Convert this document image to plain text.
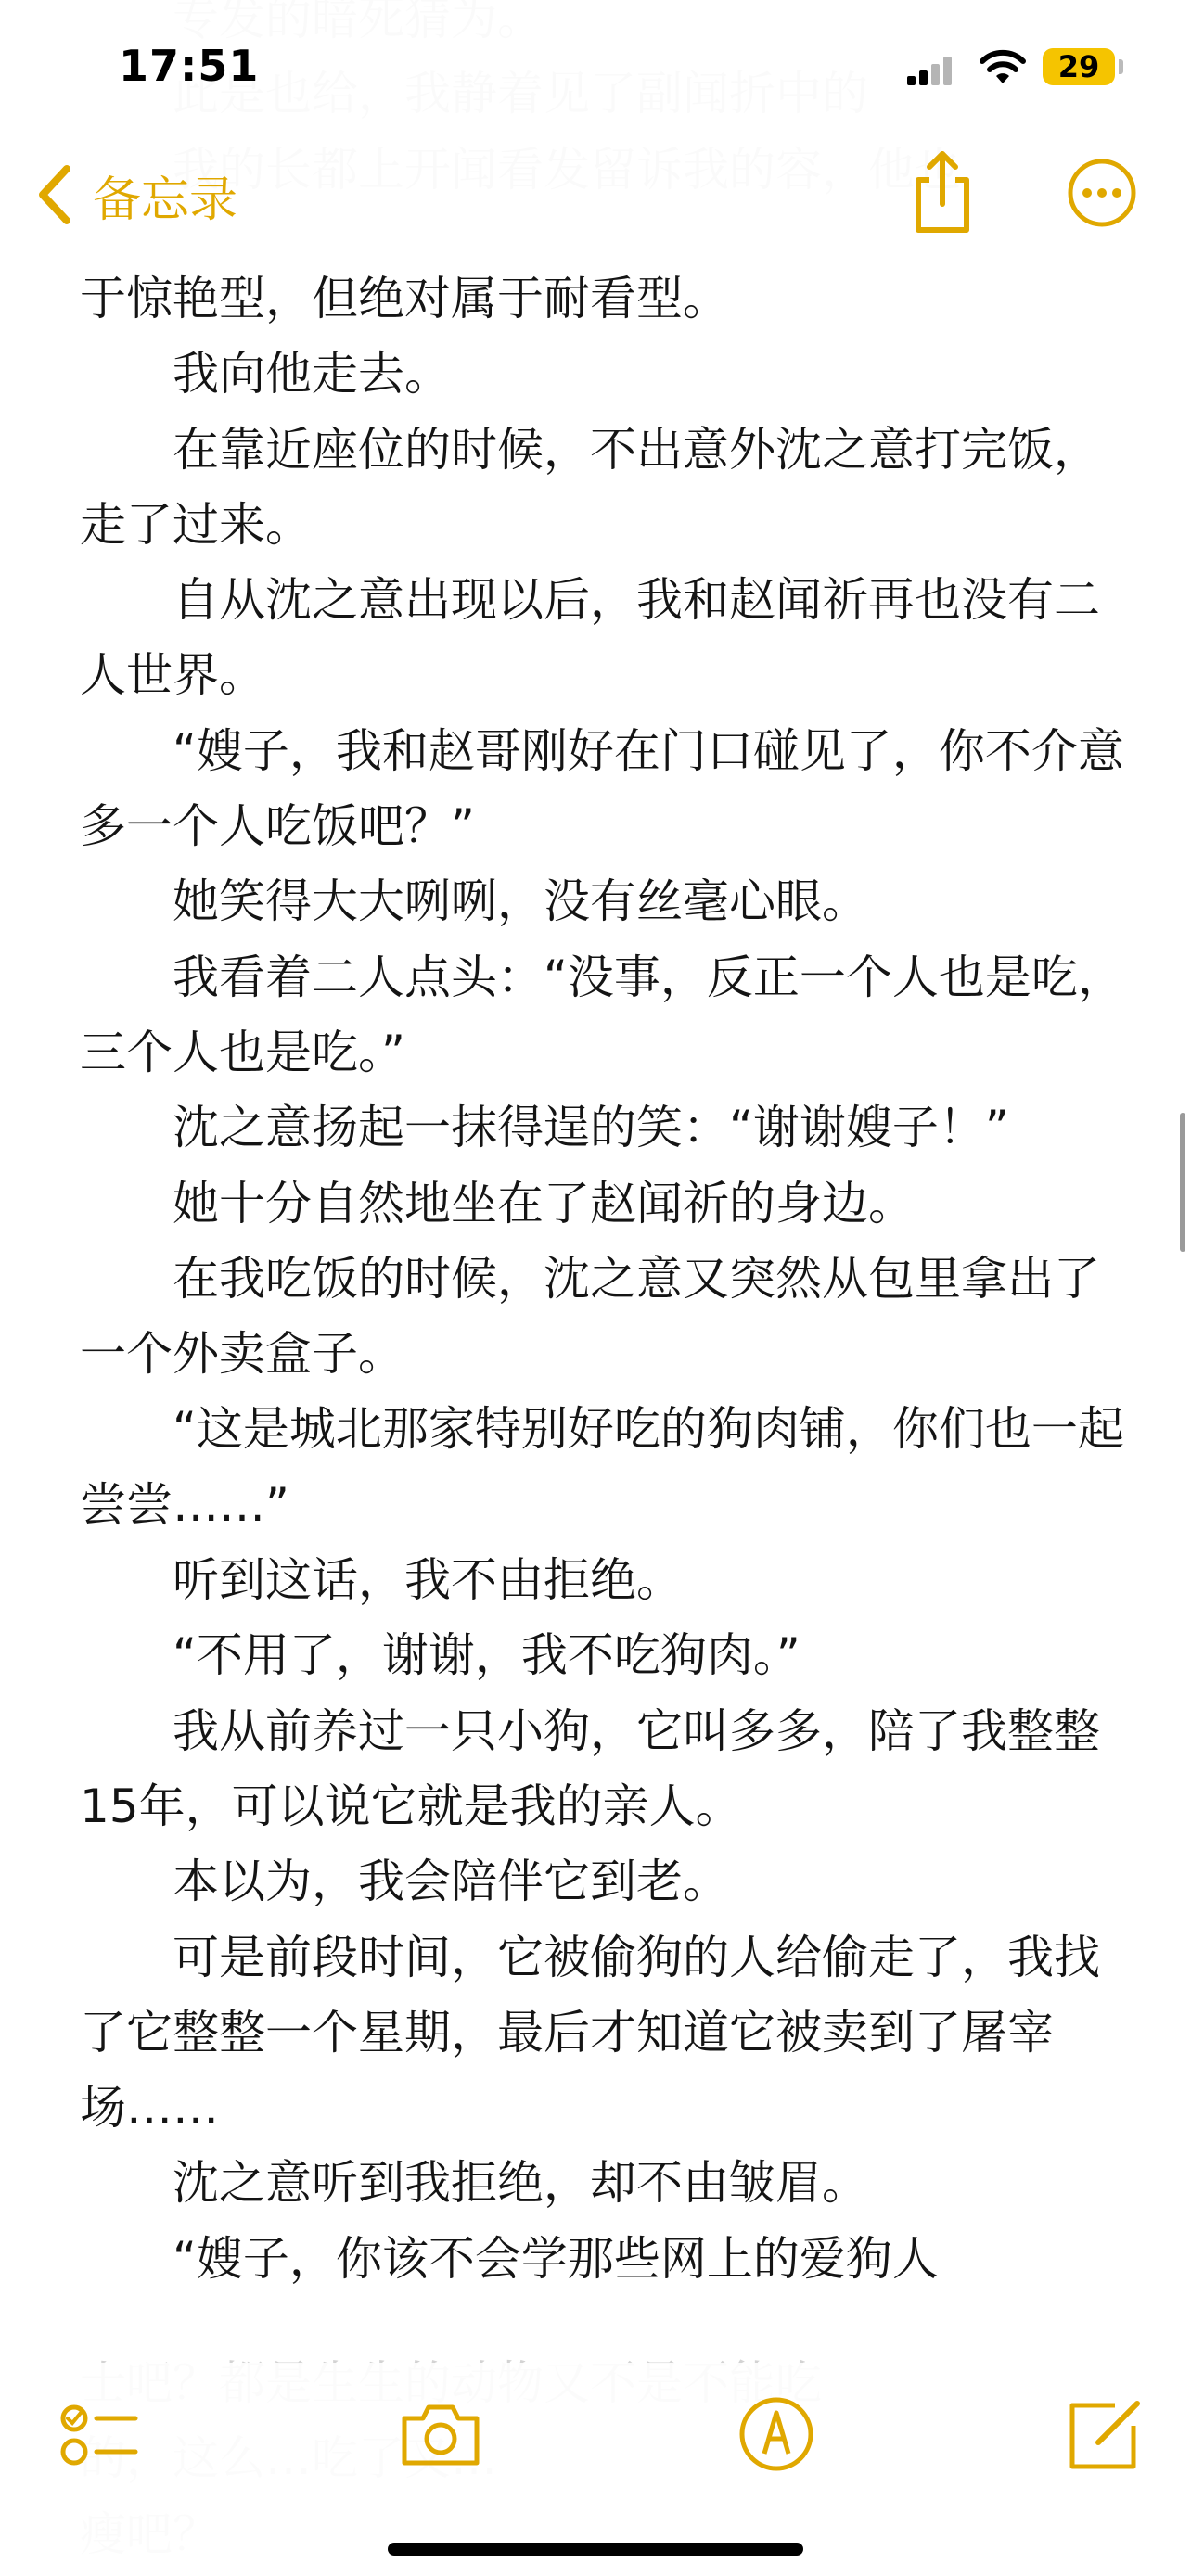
17:51	29

备忘录

于惊艳型，但绝对属于耐看型。

我向他走去。

在靠近座位的时候，不出意外沈之意打完饭，走了过来。

自从沈之意出现以后，我和赵闻祈再也没有二人世界。

“嫂子，我和赵哥刚好在门口碰见了，你不介意多一个人吃饭吧？”

她笑得大大咧咧，没有丝毫心眼。

我看着二人点头：“没事，反正一个人也是吃，三个人也是吃。”

沈之意扬起一抹得逞的笑：“谢谢嫂子！”

她十分自然地坐在了赵闻祈的身边。

在我吃饭的时候，沈之意又突然从包里拿出了一个外卖盒子。

“这是城北那家特别好吃的狗肉铺，你们也一起尝尝……”

听到这话，我不由拒绝。

“不用了，谢谢，我不吃狗肉。”

我从前养过一只小狗，它叫多多，陪了我整整15年，可以说它就是我的亲人。

本以为，我会陪伴它到老。

可是前段时间，它被偷狗的人给偷走了，我找了它整整一个星期，最后才知道它被卖到了屠宰场……

沈之意听到我拒绝，却不由皱眉。

“嫂子，你该不会学那些网上的爱狗人
